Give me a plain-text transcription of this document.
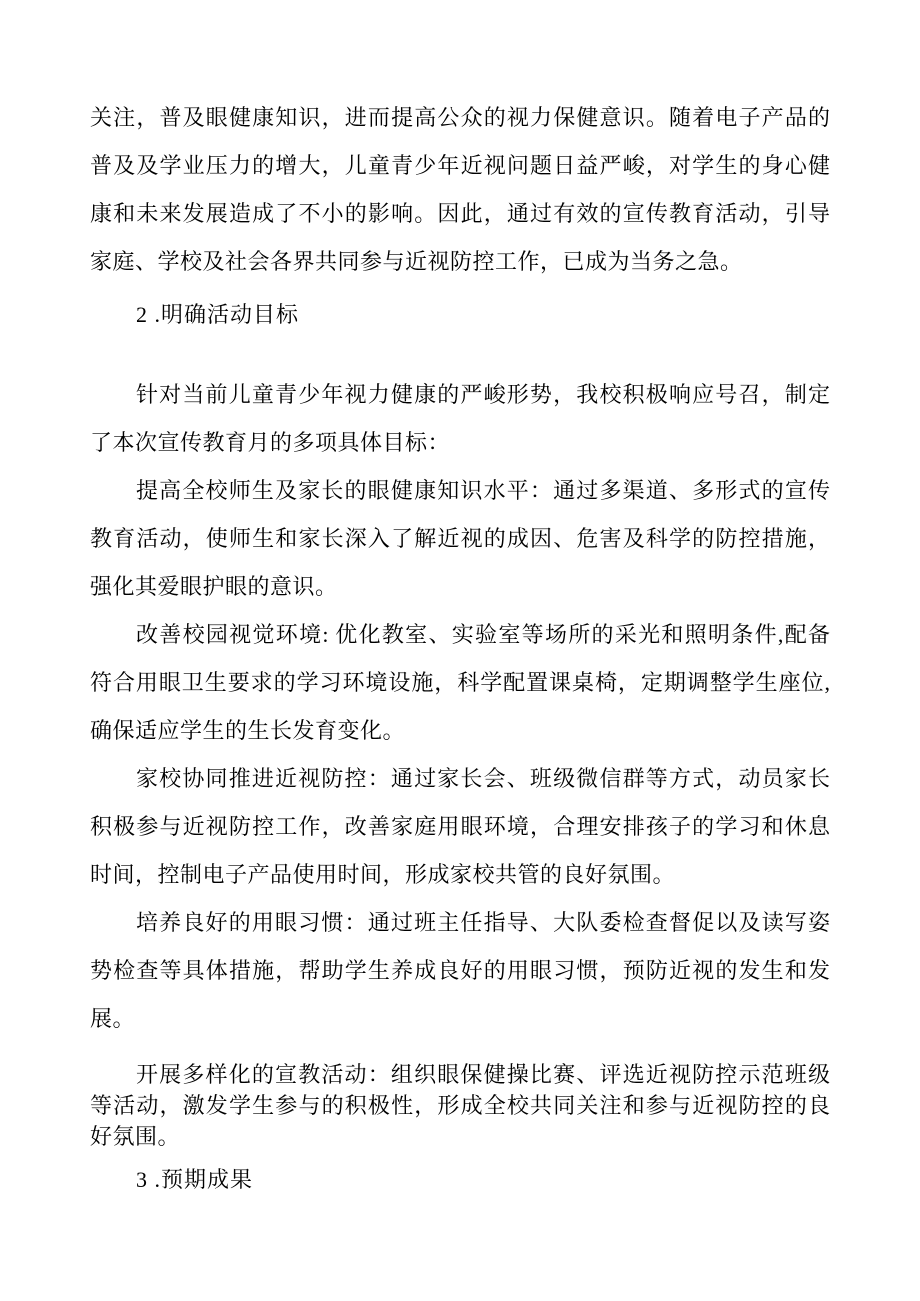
关注，普及眼健康知识，进而提高公众的视力保健意识。随着电子产品的
普及及学业压力的增大，儿童青少年近视问题日益严峻，对学生的身心健
康和未来发展造成了不小的影响。因此，通过有效的宣传教育活动，引导
家庭、学校及社会各界共同参与近视防控工作，已成为当务之急。
2 .明确活动目标
针对当前儿童青少年视力健康的严峻形势，我校积极响应号召，制定
了本次宣传教育月的多项具体目标：
提高全校师生及家长的眼健康知识水平：通过多渠道、多形式的宣传
教育活动，使师生和家长深入了解近视的成因、危害及科学的防控措施，
强化其爱眼护眼的意识。
改善校园视觉环境: 优化教室、实验室等场所的采光和照明条件,配备
符合用眼卫生要求的学习环境设施，科学配置课桌椅，定期调整学生座位,
确保适应学生的生长发育变化。
家校协同推进近视防控：通过家长会、班级微信群等方式，动员家长
积极参与近视防控工作，改善家庭用眼环境，合理安排孩子的学习和休息
时间，控制电子产品使用时间，形成家校共管的良好氛围。
培养良好的用眼习惯：通过班主任指导、大队委检查督促以及读写姿
势检查等具体措施，帮助学生养成良好的用眼习惯，预防近视的发生和发
展。
开展多样化的宣教活动：组织眼保健操比赛、评选近视防控示范班级
等活动，激发学生参与的积极性，形成全校共同关注和参与近视防控的良
好氛围。
3 .预期成果
